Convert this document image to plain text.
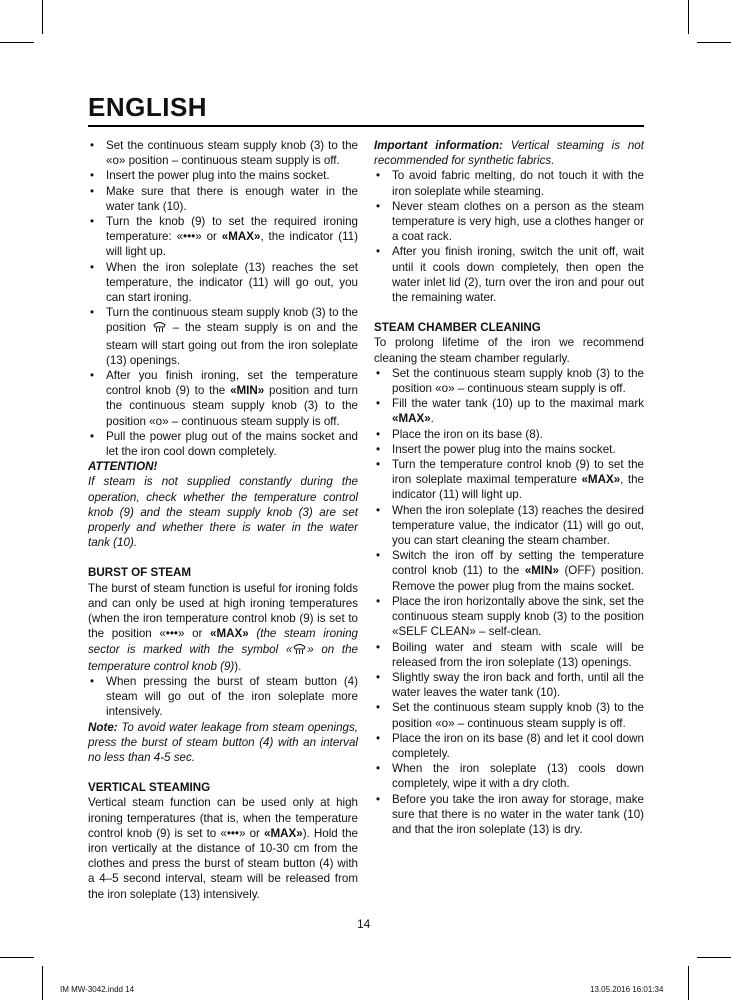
ENGLISH
• Set the continuous steam supply knob (3) to the «o» position – continuous steam supply is off.
• Insert the power plug into the mains socket.
• Make sure that there is enough water in the water tank (10).
• Turn the knob (9) to set the required ironing temperature: «•••» or «MAX», the indicator (11) will light up.
• When the iron soleplate (13) reaches the set temperature, the indicator (11) will go out, you can start ironing.
• Turn the continuous steam supply knob (3) to the position  – the steam supply is on and the steam will start going out from the iron soleplate (13) openings.
• After you finish ironing, set the temperature control knob (9) to the «MIN» position and turn the continuous steam supply knob (3) to the position «o» – continuous steam supply is off.
• Pull the power plug out of the mains socket and let the iron cool down completely.

ATTENTION!

If steam is not supplied constantly during the operation, check whether the temperature control knob (9) and the steam supply knob (3) are set properly and whether there is water in the water tank (10).

BURST OF STEAM

The burst of steam function is useful for ironing folds and can only be used at high ironing temperatures (when the iron temperature control knob (9) is set to the position «•••» or «MAX» (the steam ironing sector is marked with the symbol « » on the temperature control knob (9)).

• When pressing the burst of steam button (4) steam will go out of the iron soleplate more intensively.

Note: To avoid water leakage from steam openings, press the burst of steam button (4) with an interval no less than 4-5 sec.

VERTICAL STEAMING

Vertical steam function can be used only at high ironing temperatures (that is, when the temperature control knob (9) is set to «•••» or «MAX»). Hold the iron vertically at the distance of 10-30 cm from the clothes and press the burst of steam button (4) with a 4–5 second interval, steam will be released from the iron soleplate (13) intensively.

Important information: Vertical steaming is not recommended for synthetic fabrics.

• To avoid fabric melting, do not touch it with the iron soleplate while steaming.
• Never steam clothes on a person as the steam temperature is very high, use a clothes hanger or a coat rack.
• After you finish ironing, switch the unit off, wait until it cools down completely, then open the water inlet lid (2), turn over the iron and pour out the remaining water.

STEAM CHAMBER CLEANING

To prolong lifetime of the iron we recommend cleaning the steam chamber regularly.

• Set the continuous steam supply knob (3) to the position «o» – continuous steam supply is off.
• Fill the water tank (10) up to the maximal mark «MAX».
• Place the iron on its base (8).
• Insert the power plug into the mains socket.
• Turn the temperature control knob (9) to set the iron soleplate maximal temperature «MAX», the indicator (11) will light up.
• When the iron soleplate (13) reaches the desired temperature value, the indicator (11) will go out, you can start cleaning the steam chamber.
• Switch the iron off by setting the temperature control knob (11) to the «MIN» (OFF) position. Remove the power plug from the mains socket.
• Place the iron horizontally above the sink, set the continuous steam supply knob (3) to the position «SELF CLEAN» – self-clean.
• Boiling water and steam with scale will be released from the iron soleplate (13) openings.
• Slightly sway the iron back and forth, until all the water leaves the water tank (10).
• Set the continuous steam supply knob (3) to the position «o» – continuous steam supply is off.
• Place the iron on its base (8) and let it cool down completely.
• When the iron soleplate (13) cools down completely, wipe it with a dry cloth.
• Before you take the iron away for storage, make sure that there is no water in the water tank (10) and that the iron soleplate (13) is dry.
14
IM MW-3042.indd 14	13.05.2016 16:01:34
